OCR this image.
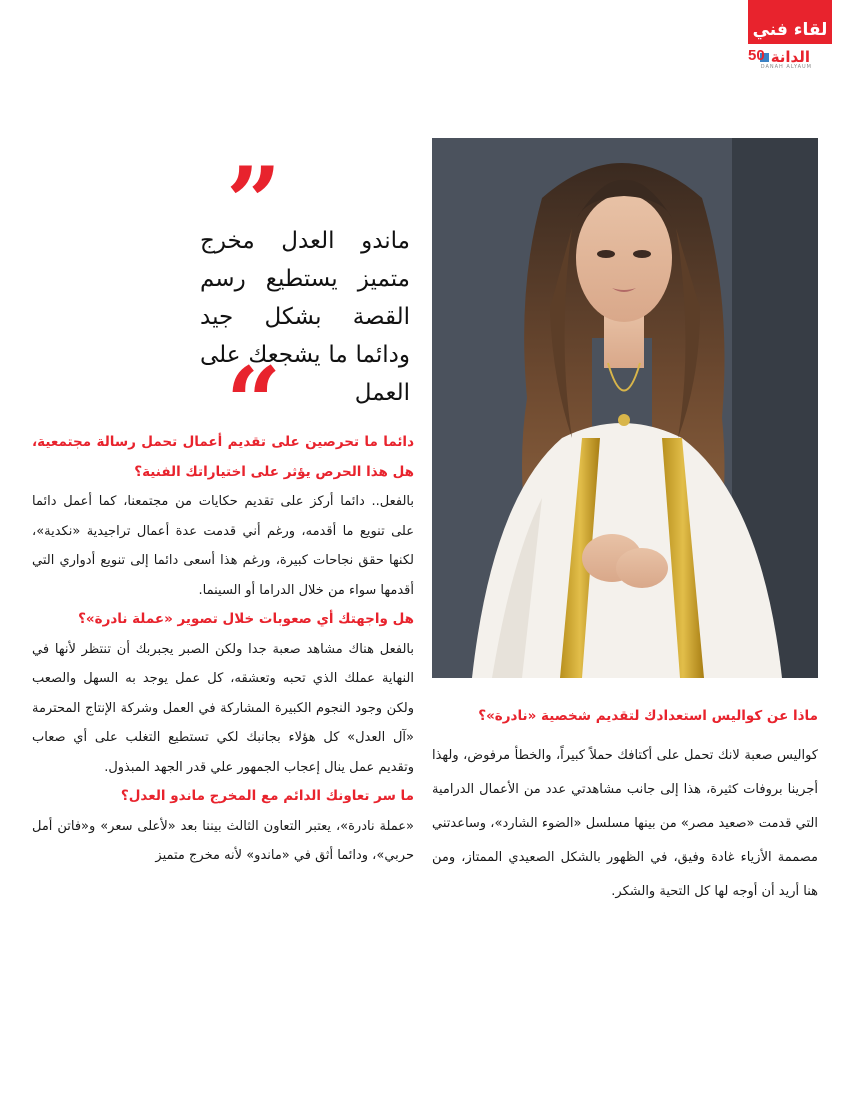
لقاء فني
الدانة
50
DANAH ALYAUM
”
ماندو العدل مخرج متميز يستطيع رسم القصة بشكل جيد ودائما ما يشجعك على العمل
“

دائما ما تحرصين على تقديم أعمال تحمل رسالة مجتمعية، هل هذا الحرص يؤثر على اختياراتك الفنية؟

بالفعل.. دائما أركز على تقديم حكايات من مجتمعنا، كما أعمل دائما على تنويع ما أقدمه، ورغم أني قدمت عدة أعمال تراجيدية «نكدية»، لكنها حقق نجاحات كبيرة، ورغم هذا أسعى دائما إلى تنويع أدواري التي أقدمها سواء من خلال الدراما أو السينما.

هل واجهتك أي صعوبات خلال تصوير «عملة نادرة»؟

بالفعل هناك مشاهد صعبة جدا ولكن الصبر يجبربك أن تنتظر لأنها في النهاية عملك الذي تحبه وتعشقه، كل عمل يوجد به السهل والصعب ولكن وجود النجوم الكبيرة المشاركة في العمل وشركة الإنتاج المحترمة «آل العدل» كل هؤلاء بجانبك لكي تستطيع التغلب على أي صعاب وتقديم عمل ينال إعجاب الجمهور علي قدر الجهد المبذول.

ما سر تعاونك الدائم مع المخرج ماندو العدل؟

«عملة نادرة»، يعتبر التعاون الثالث بيننا بعد «لأعلى سعر» و«فاتن أمل حربي»، ودائما أثق في «ماندو» لأنه مخرج متميز

ماذا عن كواليس استعدادك لتقديم شخصية «نادرة»؟

كواليس صعبة لانك تحمل على أكتافك حملاً كبيراً، والخطأ مرفوض، ولهذا أجرينا بروفات كثيرة، هذا إلى جانب مشاهدتي عدد من الأعمال الدرامية التي قدمت «صعيد مصر» من بينها مسلسل «الضوء الشارد»، وساعدتني مصممة الأزياء غادة وفيق، في الظهور بالشكل الصعيدي الممتاز، ومن هنا أريد أن أوجه لها كل التحية والشكر.
